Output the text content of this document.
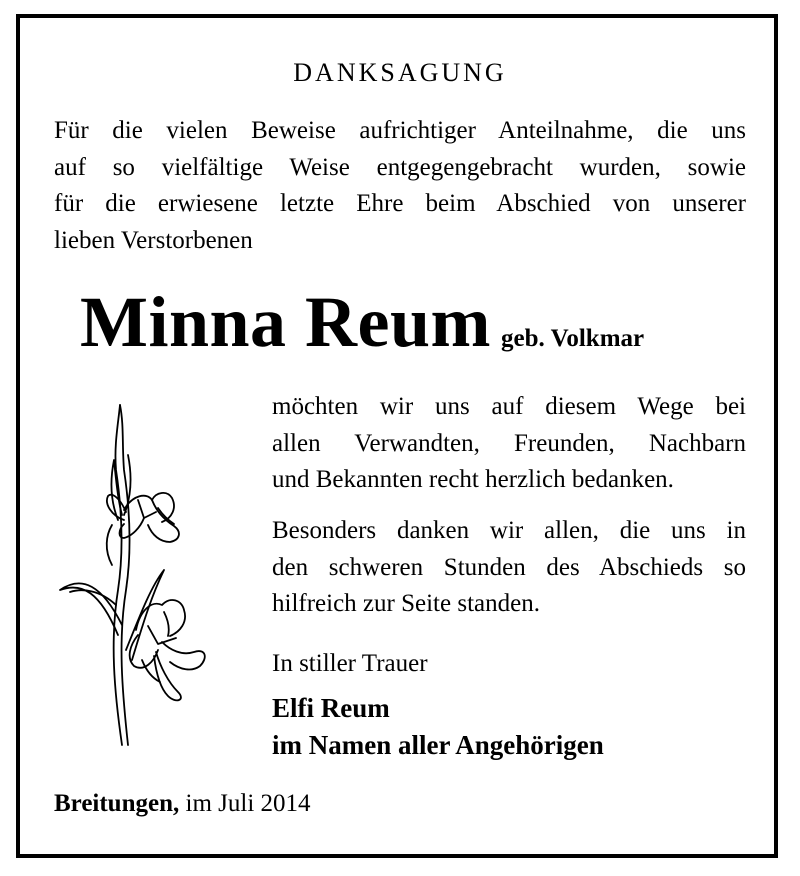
DANKSAGUNG

Für die vielen Beweise aufrichtiger Anteilnahme, die uns

auf so vielfältige Weise entgegengebracht wurden, sowie

für die erwiesene letzte Ehre beim Abschied von unserer

lieben Verstorbenen

Minna Reum geb. Volkmar
möchten wir uns auf diesem Wege bei
allen Verwandten, Freunden, Nachbarn
und Bekannten recht herzlich bedanken.
Besonders danken wir allen, die uns in
den schweren Stunden des Abschieds so
hilfreich zur Seite standen.
In stiller Trauer
Elfi Reum
im Namen aller Angehörigen
Breitungen, im Juli 2014
